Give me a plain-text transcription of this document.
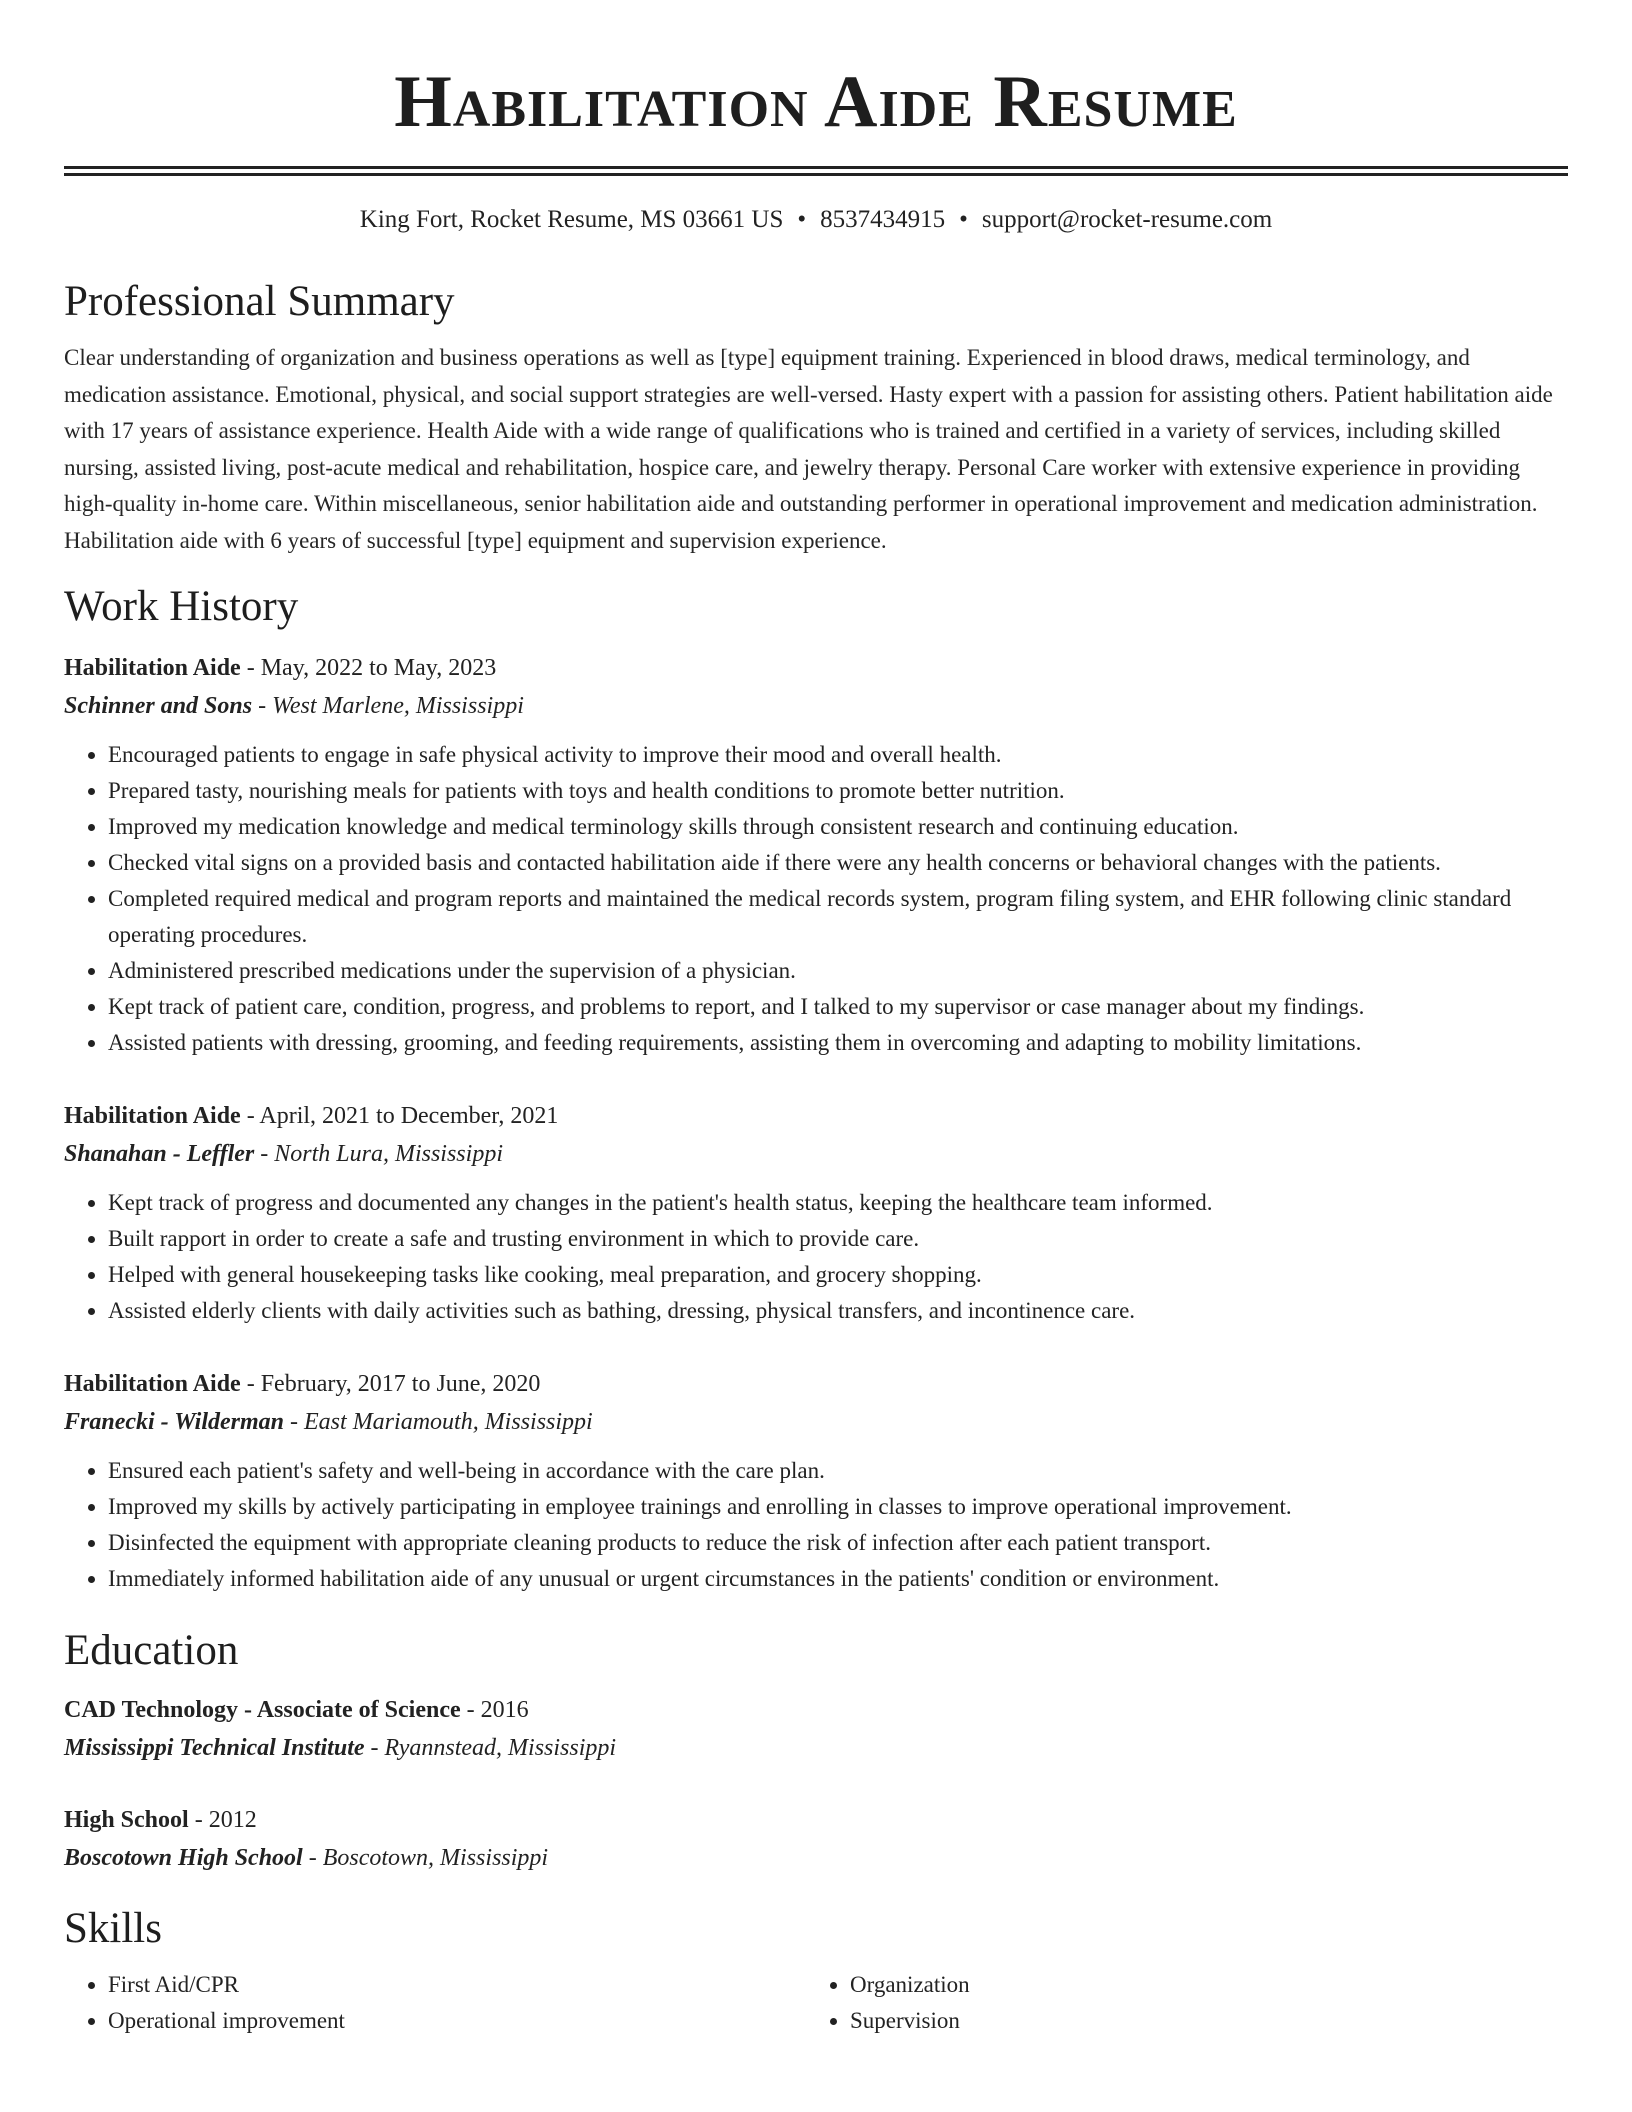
Habilitation Aide Resume
King Fort, Rocket Resume, MS 03661 US • 8537434915 • support@rocket-resume.com
Professional Summary

Clear understanding of organization and business operations as well as [type] equipment training. Experienced in blood draws, medical terminology, and medication assistance. Emotional, physical, and social support strategies are well-versed. Hasty expert with a passion for assisting others. Patient habilitation aide with 17 years of assistance experience. Health Aide with a wide range of qualifications who is trained and certified in a variety of services, including skilled nursing, assisted living, post-acute medical and rehabilitation, hospice care, and jewelry therapy. Personal Care worker with extensive experience in providing high-quality in-home care. Within miscellaneous, senior habilitation aide and outstanding performer in operational improvement and medication administration. Habilitation aide with 6 years of successful [type] equipment and supervision experience.

Work History
Habilitation Aide - May, 2022 to May, 2023
Schinner and Sons - West Marlene, Mississippi
• Encouraged patients to engage in safe physical activity to improve their mood and overall health.
• Prepared tasty, nourishing meals for patients with toys and health conditions to promote better nutrition.
• Improved my medication knowledge and medical terminology skills through consistent research and continuing education.
• Checked vital signs on a provided basis and contacted habilitation aide if there were any health concerns or behavioral changes with the patients.
• Completed required medical and program reports and maintained the medical records system, program filing system, and EHR following clinic standard operating procedures.
• Administered prescribed medications under the supervision of a physician.
• Kept track of patient care, condition, progress, and problems to report, and I talked to my supervisor or case manager about my findings.
• Assisted patients with dressing, grooming, and feeding requirements, assisting them in overcoming and adapting to mobility limitations.
Habilitation Aide - April, 2021 to December, 2021
Shanahan - Leffler - North Lura, Mississippi
• Kept track of progress and documented any changes in the patient's health status, keeping the healthcare team informed.
• Built rapport in order to create a safe and trusting environment in which to provide care.
• Helped with general housekeeping tasks like cooking, meal preparation, and grocery shopping.
• Assisted elderly clients with daily activities such as bathing, dressing, physical transfers, and incontinence care.
Habilitation Aide - February, 2017 to June, 2020
Franecki - Wilderman - East Mariamouth, Mississippi
• Ensured each patient's safety and well-being in accordance with the care plan.
• Improved my skills by actively participating in employee trainings and enrolling in classes to improve operational improvement.
• Disinfected the equipment with appropriate cleaning products to reduce the risk of infection after each patient transport.
• Immediately informed habilitation aide of any unusual or urgent circumstances in the patients' condition or environment.
Education
CAD Technology - Associate of Science - 2016
Mississippi Technical Institute - Ryannstead, Mississippi
High School - 2012
Boscotown High School - Boscotown, Mississippi
Skills
• First Aid/CPR
• Operational improvement
• Organization
• Supervision
